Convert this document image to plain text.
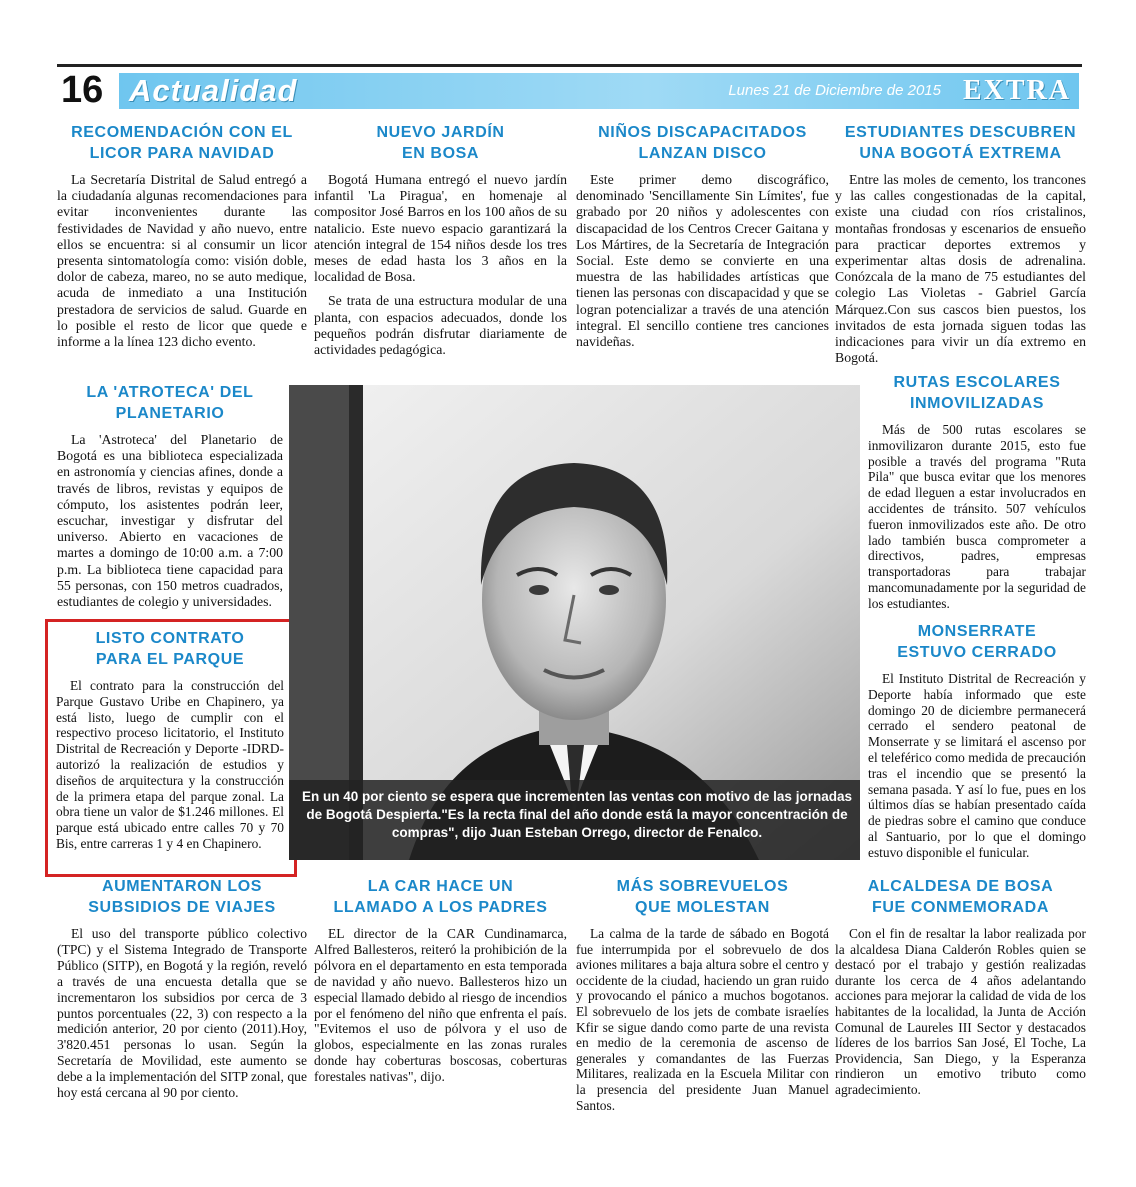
16 Actualidad	Lunes 21 de Diciembre de 2015 EXTRA
RECOMENDACIÓN CON EL
LICOR PARA NAVIDAD

La Secretaría Distrital de Salud entregó a la ciudadanía algunas recomendaciones para evitar inconvenientes durante las festividades de Navidad y año nuevo, entre ellos se encuentra: si al consumir un licor presenta sintomatología como: visión doble, dolor de cabeza, mareo, no se auto medique, acuda de inmediato a una Institución prestadora de servicios de salud. Guarde en lo posible el resto de licor que quede e informe a la línea 123 dicho evento.

NUEVO JARDÍN
EN BOSA

Bogotá Humana entregó el nuevo jardín infantil 'La Piragua', en homenaje al compositor José Barros en los 100 años de su natalicio. Este nuevo espacio garantizará la atención integral de 154 niños desde los tres meses de edad hasta los 3 años en la localidad de Bosa.

Se trata de una estructura modular de una planta, con espacios adecuados, donde los pequeños podrán disfrutar diariamente de actividades pedagógica.

NIÑOS DISCAPACITADOS
LANZAN DISCO

Este primer demo discográfico, denominado 'Sencillamente Sin Límites', fue grabado por 20 niños y adolescentes con discapacidad de los Centros Crecer Gaitana y Los Mártires, de la Secretaría de Integración Social. Este demo se convierte en una muestra de las habilidades artísticas que tienen las personas con discapacidad y que se logran potencializar a través de una atención integral. El sencillo contiene tres canciones navideñas.

ESTUDIANTES DESCUBREN
UNA BOGOTÁ EXTREMA

Entre las moles de cemento, los trancones y las calles congestionadas de la capital, existe una ciudad con ríos cristalinos, montañas frondosas y escenarios de ensueño para practicar deportes extremos y experimentar altas dosis de adrenalina. Conózcala de la mano de 75 estudiantes del colegio Las Violetas - Gabriel García Márquez.Con sus cascos bien puestos, los invitados de esta jornada siguen todas las indicaciones para vivir un día extremo en Bogotá.

LA 'ATROTECA' DEL
PLANETARIO

La 'Astroteca' del Planetario de Bogotá es una biblioteca especializada en astronomía y ciencias afines, donde a través de libros, revistas y equipos de cómputo, los asistentes podrán leer, escuchar, investigar y disfrutar del universo. Abierto en vacaciones de martes a domingo de 10:00 a.m. a 7:00 p.m. La biblioteca tiene capacidad para 55 personas, con 150 metros cuadrados, estudiantes de colegio y universidades.

LISTO CONTRATO
PARA EL PARQUE

El contrato para la construcción del Parque Gustavo Uribe en Chapinero, ya está listo, luego de cumplir con el respectivo proceso licitatorio, el Instituto Distrital de Recreación y Deporte -IDRD- autorizó la realización de estudios y diseños de arquitectura y la construcción de la primera etapa del parque zonal. La obra tiene un valor de $1.246 millones. El parque está ubicado entre calles 70 y 70 Bis, entre carreras 1 y 4 en Chapinero.

En un 40 por ciento se espera que incrementen las ventas con motivo de las jornadas de Bogotá Despierta."Es la recta final del año donde está la mayor concentración de compras", dijo Juan Esteban Orrego, director de Fenalco.
RUTAS ESCOLARES
INMOVILIZADAS

Más de 500 rutas escolares se inmovilizaron durante 2015, esto fue posible a través del programa "Ruta Pila" que busca evitar que los menores de edad lleguen a estar involucrados en accidentes de tránsito. 507 vehículos fueron inmovilizados este año. De otro lado también busca comprometer a directivos, padres, empresas transportadoras para trabajar mancomunadamente por la seguridad de los estudiantes.

MONSERRATE
ESTUVO CERRADO

El Instituto Distrital de Recreación y Deporte había informado que este domingo 20 de diciembre permanecerá cerrado el sendero peatonal de Monserrate y se limitará el ascenso por el teleférico como medida de precaución tras el incendio que se presentó la semana pasada. Y así lo fue, pues en los últimos días se habían presentado caída de piedras sobre el camino que conduce al Santuario, por lo que el domingo estuvo disponible el funicular.

AUMENTARON LOS
SUBSIDIOS DE VIAJES

El uso del transporte público colectivo (TPC) y el Sistema Integrado de Transporte Público (SITP), en Bogotá y la región, reveló a través de una encuesta detalla que se incrementaron los subsidios por cerca de 3 puntos porcentuales (22, 3) con respecto a la medición anterior, 20 por ciento (2011).Hoy, 3'820.451 personas lo usan. Según la Secretaría de Movilidad, este aumento se debe a la implementación del SITP zonal, que hoy está cercana al 90 por ciento.

LA CAR HACE UN
LLAMADO A LOS PADRES

EL director de la CAR Cundinamarca, Alfred Ballesteros, reiteró la prohibición de la pólvora en el departamento en esta temporada de navidad y año nuevo. Ballesteros hizo un especial llamado debido al riesgo de incendios por el fenómeno del niño que enfrenta el país. "Evitemos el uso de pólvora y el uso de globos, especialmente en las zonas rurales donde hay coberturas boscosas, coberturas forestales nativas", dijo.

MÁS SOBREVUELOS
QUE MOLESTAN

La calma de la tarde de sábado en Bogotá fue interrumpida por el sobrevuelo de dos aviones militares a baja altura sobre el centro y occidente de la ciudad, haciendo un gran ruido y provocando el pánico a muchos bogotanos. El sobrevuelo de los jets de combate israelíes Kfir se sigue dando como parte de una revista en medio de la ceremonia de ascenso de generales y comandantes de las Fuerzas Militares, realizada en la Escuela Militar con la presencia del presidente Juan Manuel Santos.

ALCALDESA DE BOSA
FUE CONMEMORADA

Con el fin de resaltar la labor realizada por la alcaldesa Diana Calderón Robles quien se destacó por el trabajo y gestión realizadas durante los cerca de 4 años adelantando acciones para mejorar la calidad de vida de los habitantes de la localidad, la Junta de Acción Comunal de Laureles III Sector y destacados líderes de los barrios San José, El Toche, La Providencia, San Diego, y la Esperanza rindieron un emotivo tributo como agradecimiento.
